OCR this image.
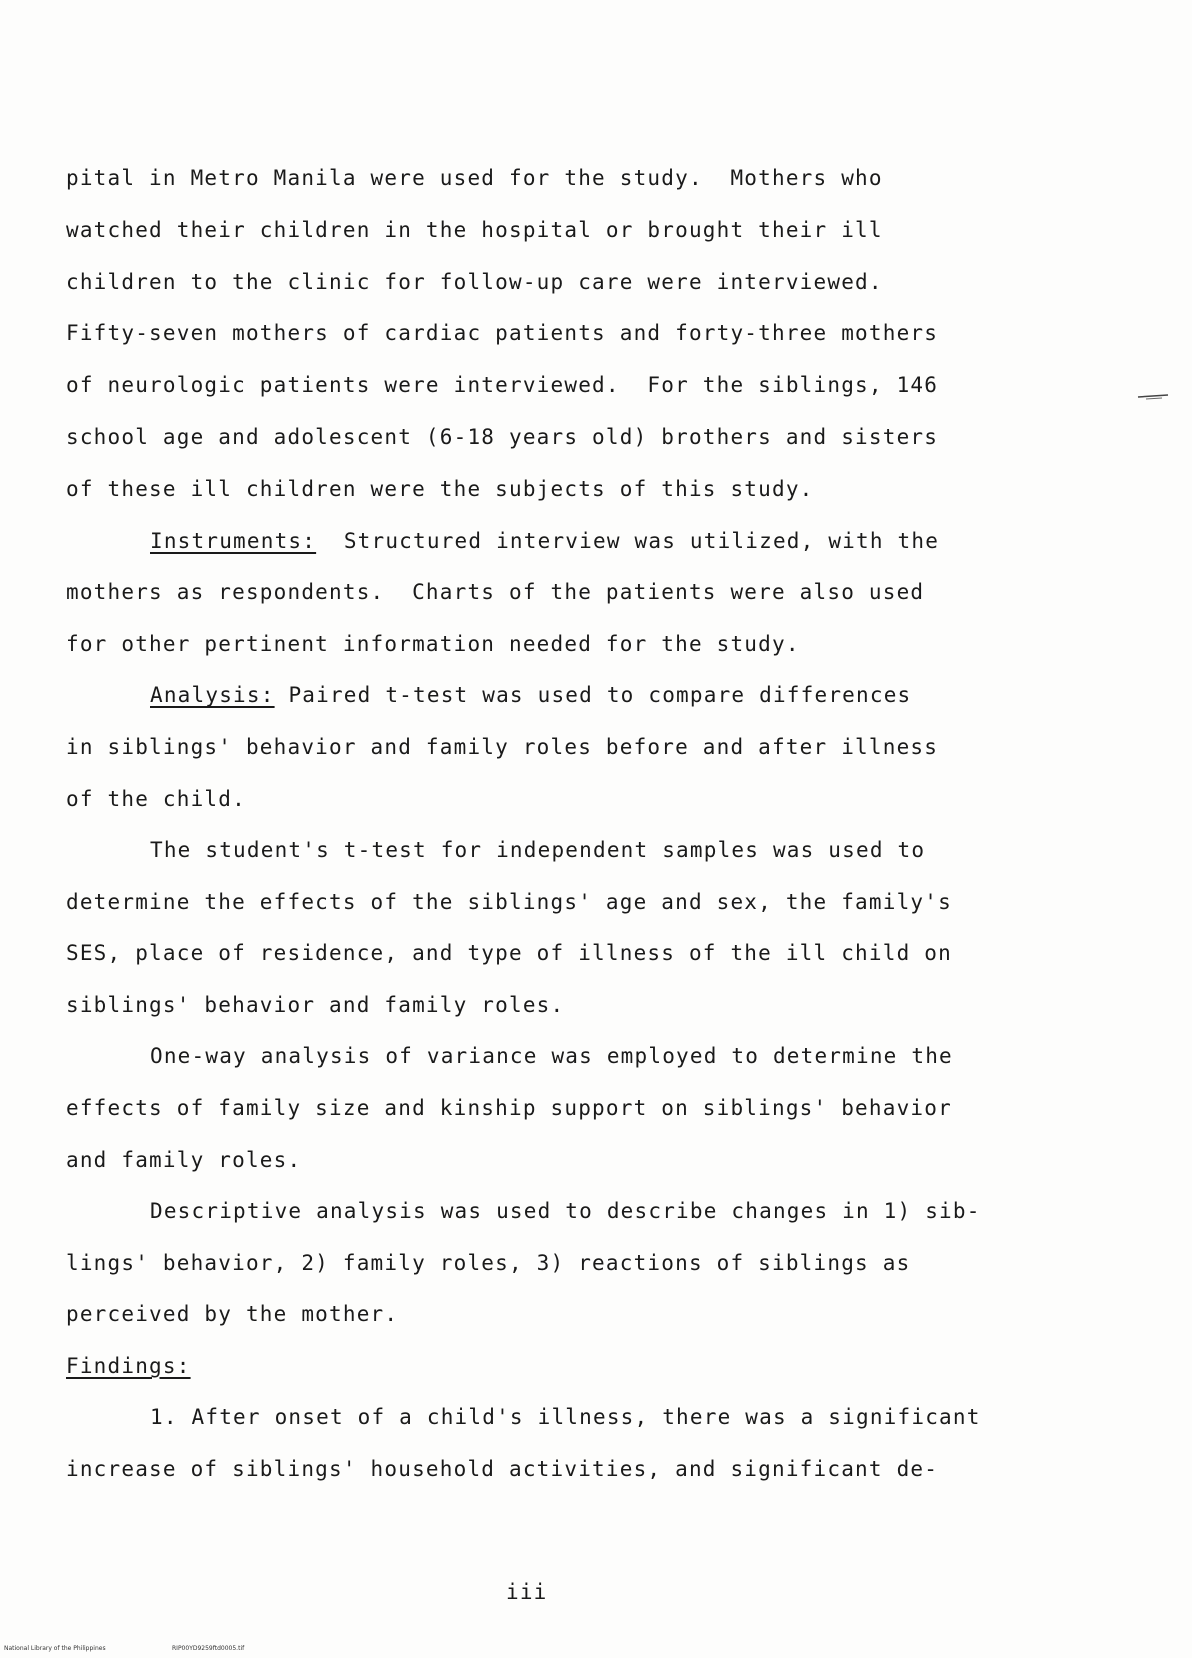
pital in Metro Manila were used for the study.  Mothers who
watched their children in the hospital or brought their ill
children to the clinic for follow-up care were interviewed.
Fifty-seven mothers of cardiac patients and forty-three mothers
of neurologic patients were interviewed.  For the siblings, 146
school age and adolescent (6-18 years old) brothers and sisters
of these ill children were the subjects of this study.
Instruments: Structured interview was utilized, with the
mothers as respondents.  Charts of the patients were also used
for other pertinent information needed for the study.
Analysis: Paired t-test was used to compare differences
in siblings' behavior and family roles before and after illness
of the child.
The student's t-test for independent samples was used to
determine the effects of the siblings' age and sex, the family's
SES, place of residence, and type of illness of the ill child on
siblings' behavior and family roles.
One-way analysis of variance was employed to determine the
effects of family size and kinship support on siblings' behavior
and family roles.
Descriptive analysis was used to describe changes in 1) sib-
lings' behavior, 2) family roles, 3) reactions of siblings as
perceived by the mother.
Findings:
1. After onset of a child's illness, there was a significant
increase of siblings' household activities, and significant de-
iii
National Library of the Philippines	RIP00YD9259ftd0005.tif
